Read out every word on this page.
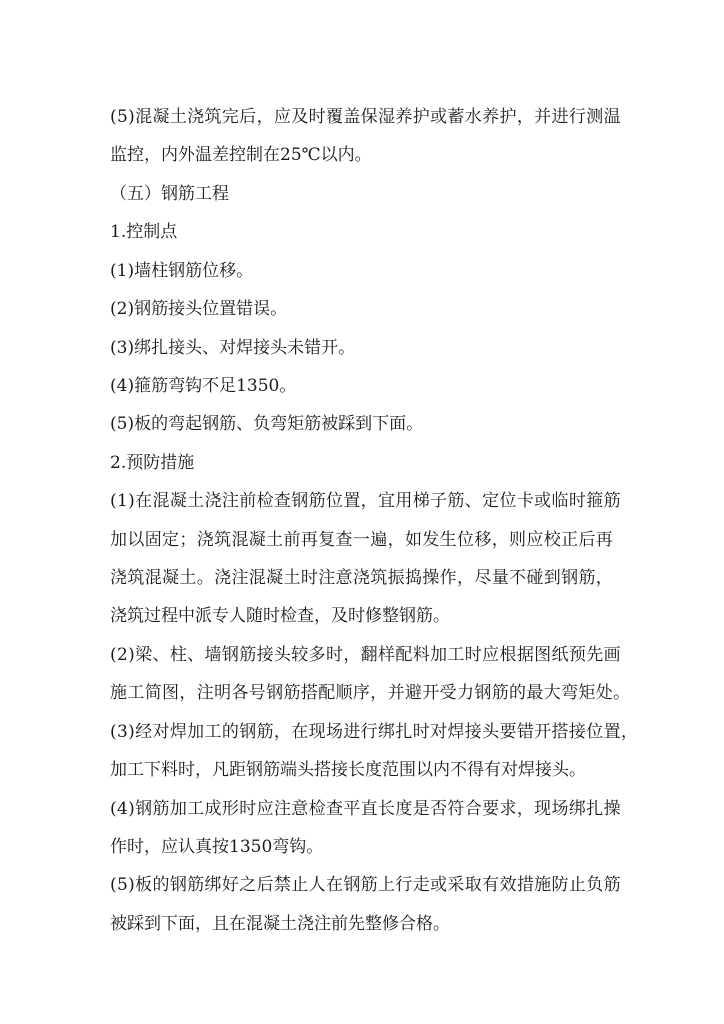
(5)混凝土浇筑完后，应及时覆盖保湿养护或蓄水养护，并进行测温
监控，内外温差控制在25℃以内。
（五）钢筋工程
1.控制点
(1)墙柱钢筋位移。
(2)钢筋接头位置错误。
(3)绑扎接头、对焊接头未错开。
(4)箍筋弯钩不足1350。
(5)板的弯起钢筋、负弯矩筋被踩到下面。
2.预防措施
(1)在混凝土浇注前检查钢筋位置，宜用梯子筋、定位卡或临时箍筋
加以固定；浇筑混凝土前再复查一遍，如发生位移，则应校正后再
浇筑混凝土。浇注混凝土时注意浇筑振捣操作，尽量不碰到钢筋，
浇筑过程中派专人随时检查，及时修整钢筋。
(2)梁、柱、墙钢筋接头较多时，翻样配料加工时应根据图纸预先画
施工简图，注明各号钢筋搭配顺序，并避开受力钢筋的最大弯矩处。
(3)经对焊加工的钢筋，在现场进行绑扎时对焊接头要错开搭接位置，
加工下料时，凡距钢筋端头搭接长度范围以内不得有对焊接头。
(4)钢筋加工成形时应注意检查平直长度是否符合要求，现场绑扎操
作时，应认真按1350弯钩。
(5)板的钢筋绑好之后禁止人在钢筋上行走或采取有效措施防止负筋
被踩到下面，且在混凝土浇注前先整修合格。
